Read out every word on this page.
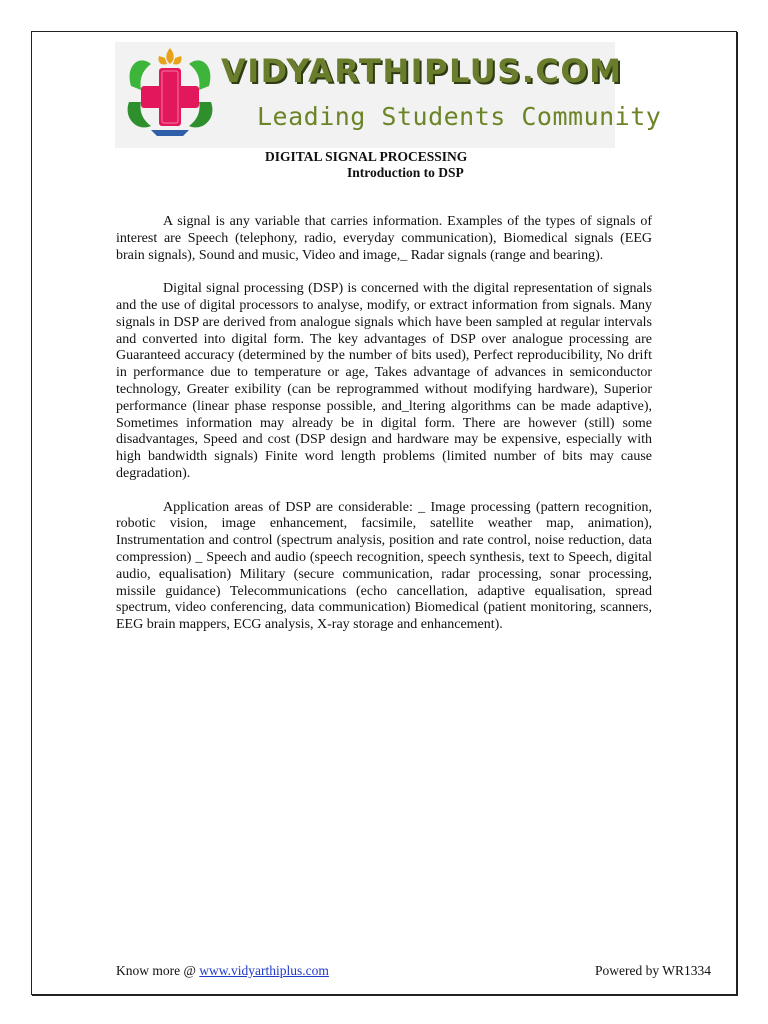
VIDYARTHIPLUS.COM
Leading Students Community
DIGITAL SIGNAL PROCESSING
Introduction to DSP

A signal is any variable that carries information. Examples of the types of signals of interest are Speech (telephony, radio, everyday communication), Biomedical signals (EEG brain signals), Sound and music, Video and image,_ Radar signals (range and bearing).

Digital signal processing (DSP) is concerned with the digital representation of signals and the use of digital processors to analyse, modify, or extract information from signals. Many signals in DSP are derived from analogue signals which have been sampled at regular intervals and converted into digital form. The key advantages of DSP over analogue processing are Guaranteed accuracy (determined by the number of bits used), Perfect reproducibility, No drift in performance due to temperature or age, Takes advantage of advances in semiconductor technology, Greater exibility (can be reprogrammed without modifying hardware), Superior performance (linear phase response possible, and_ltering algorithms can be made adaptive), Sometimes information may already be in digital form. There are however (still) some disadvantages, Speed and cost (DSP design and hardware may be expensive, especially with high bandwidth signals) Finite word length problems (limited number of bits may cause degradation).

Application areas of DSP are considerable: _ Image processing (pattern recognition, robotic vision, image enhancement, facsimile, satellite weather map, animation), Instrumentation and control (spectrum analysis, position and rate control, noise reduction, data compression) _ Speech and audio (speech recognition, speech synthesis, text to Speech, digital audio, equalisation) Military (secure communication, radar processing, sonar processing, missile guidance) Telecommunications (echo cancellation, adaptive equalisation, spread spectrum, video conferencing, data communication) Biomedical (patient monitoring, scanners, EEG brain mappers, ECG analysis, X-ray storage and enhancement).

Know more @ www.vidyarthiplus.com	Powered by WR1334
